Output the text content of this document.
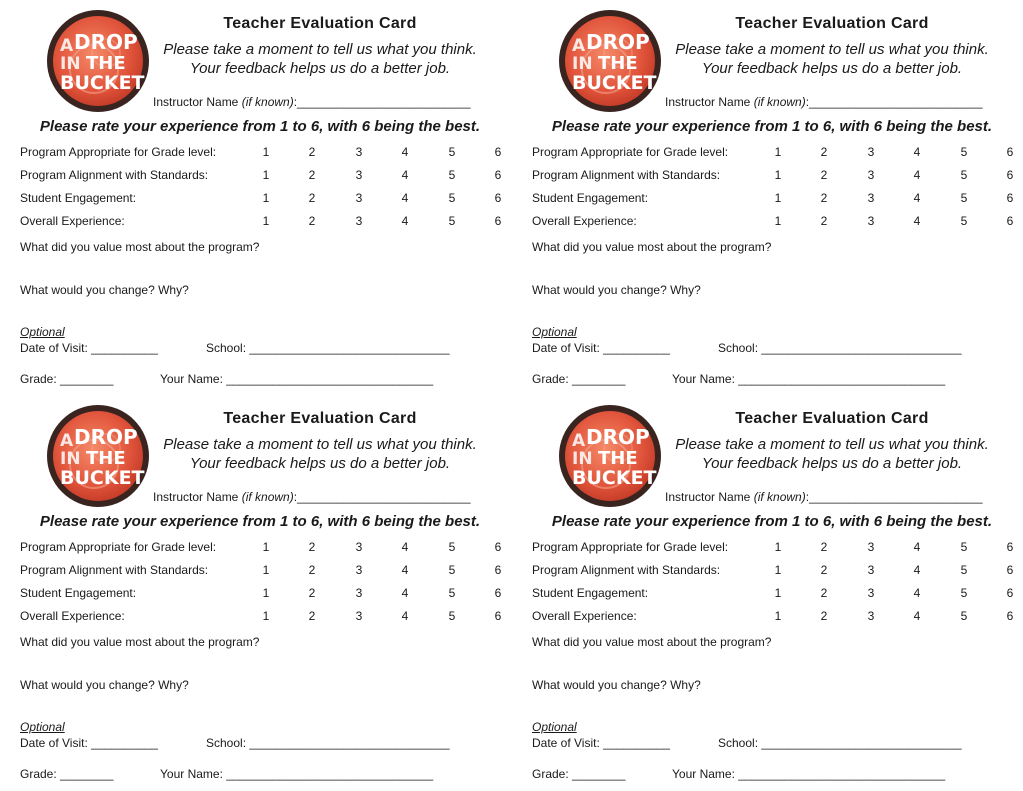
A DROP
IN THE
BUCKET
Teacher Evaluation Card
Please take a moment to tell us what you think.
Your feedback helps us do a better job.
Instructor Name (if known):__________________________
Please rate your experience from 1 to 6, with 6 being the best.
Program Appropriate for Grade level:	1	2	3	4	5	6
Program Alignment with Standards:	1	2	3	4	5	6
Student Engagement:	1	2	3	4	5	6
Overall Experience:	1	2	3	4	5	6
What did you value most about the program?
What would you change? Why?
Optional
Date of Visit: __________	School: ______________________________
Grade: ________	Your Name: _______________________________
A DROP
IN THE
BUCKET
Teacher Evaluation Card
Please take a moment to tell us what you think.
Your feedback helps us do a better job.
Instructor Name (if known):__________________________
Please rate your experience from 1 to 6, with 6 being the best.
Program Appropriate for Grade level:	1	2	3	4	5	6
Program Alignment with Standards:	1	2	3	4	5	6
Student Engagement:	1	2	3	4	5	6
Overall Experience:	1	2	3	4	5	6
What did you value most about the program?
What would you change? Why?
Optional
Date of Visit: __________	School: ______________________________
Grade: ________	Your Name: _______________________________
A DROP
IN THE
BUCKET
Teacher Evaluation Card
Please take a moment to tell us what you think.
Your feedback helps us do a better job.
Instructor Name (if known):__________________________
Please rate your experience from 1 to 6, with 6 being the best.
Program Appropriate for Grade level:	1	2	3	4	5	6
Program Alignment with Standards:	1	2	3	4	5	6
Student Engagement:	1	2	3	4	5	6
Overall Experience:	1	2	3	4	5	6
What did you value most about the program?
What would you change? Why?
Optional
Date of Visit: __________	School: ______________________________
Grade: ________	Your Name: _______________________________
A DROP
IN THE
BUCKET
Teacher Evaluation Card
Please take a moment to tell us what you think.
Your feedback helps us do a better job.
Instructor Name (if known):__________________________
Please rate your experience from 1 to 6, with 6 being the best.
Program Appropriate for Grade level:	1	2	3	4	5	6
Program Alignment with Standards:	1	2	3	4	5	6
Student Engagement:	1	2	3	4	5	6
Overall Experience:	1	2	3	4	5	6
What did you value most about the program?
What would you change? Why?
Optional
Date of Visit: __________	School: ______________________________
Grade: ________	Your Name: _______________________________
